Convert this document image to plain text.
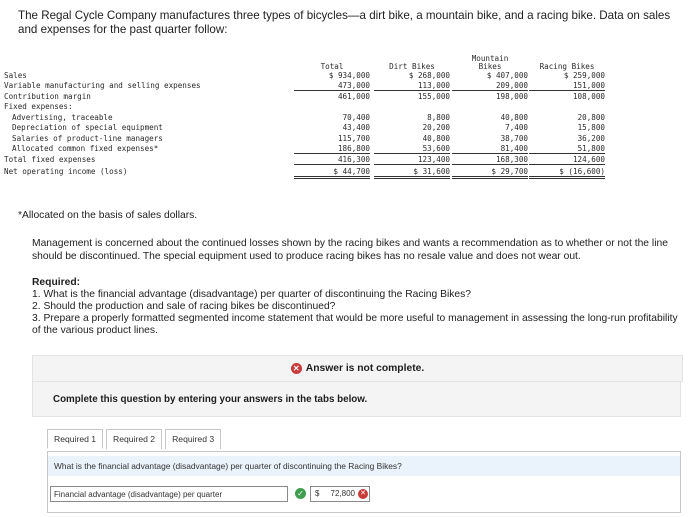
The Regal Cycle Company manufactures three types of bicycles—a dirt bike, a mountain bike, and a racing bike. Data on sales and expenses for the past quarter follow:
Total	Dirt Bikes
Mountain
Bikes	Racing Bikes
Sales	$ 934,000	$ 268,000	$ 407,000	$ 259,000
Variable manufacturing and selling expenses	473,000	113,000	209,000	151,000
Contribution margin	461,000	155,000	198,000	108,000
Fixed expenses:
Advertising, traceable	70,400	8,800	40,800	20,800
Depreciation of special equipment	43,400	20,200	7,400	15,800
Salaries of product-line managers	115,700	40,800	38,700	36,200
Allocated common fixed expenses*	186,800	53,600	81,400	51,800
Total fixed expenses	416,300	123,400	168,300	124,600
Net operating income (loss)	$ 44,700	$ 31,600	$ 29,700	$ (16,600)
*Allocated on the basis of sales dollars.
Management is concerned about the continued losses shown by the racing bikes and wants a recommendation as to whether or not the line should be discontinued. The special equipment used to produce racing bikes has no resale value and does not wear out.
Required:
1. What is the financial advantage (disadvantage) per quarter of discontinuing the Racing Bikes?
2. Should the production and sale of racing bikes be discontinued?
3. Prepare a properly formatted segmented income statement that would be more useful to management in assessing the long-run profitability of the various product lines.
✕ Answer is not complete.
Complete this question by entering your answers in the tabs below.
Required 1	Required 2	Required 3
What is the financial advantage (disadvantage) per quarter of discontinuing the Racing Bikes?
Financial advantage (disadvantage) per quarter	✓ $ 72,800 ✕
